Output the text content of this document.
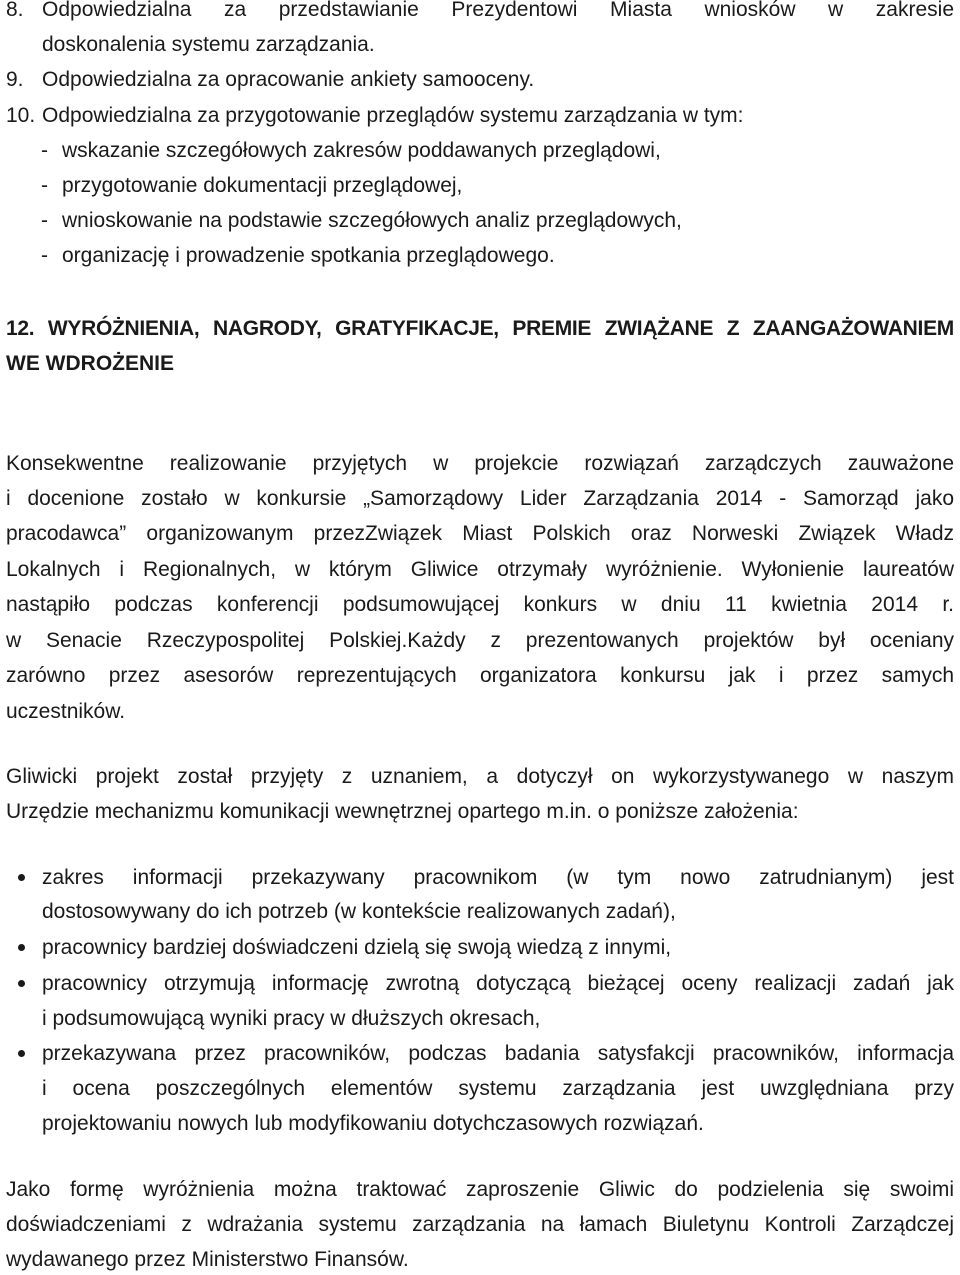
8. Odpowiedzialna za przedstawianie Prezydentowi Miasta wniosków w zakresie
doskonalenia systemu zarządzania.
9. Odpowiedzialna za opracowanie ankiety samooceny.
10. Odpowiedzialna za przygotowanie przeglądów systemu zarządzania w tym:
- wskazanie szczegółowych zakresów poddawanych przeglądowi,
- przygotowanie dokumentacji przeglądowej,
- wnioskowanie na podstawie szczegółowych analiz przeglądowych,
- organizację i prowadzenie spotkania przeglądowego.
12. WYRÓŻNIENIA, NAGRODY, GRATYFIKACJE, PREMIE ZWIĄŻANE Z ZAANGAŻOWANIEM
WE WDROŻENIE
Konsekwentne realizowanie przyjętych w projekcie rozwiązań zarządczych zauważone
i docenione zostało w konkursie „Samorządowy Lider Zarządzania 2014 - Samorząd jako
pracodawca” organizowanym przezZwiązek Miast Polskich oraz Norweski Związek Władz
Lokalnych i Regionalnych, w którym Gliwice otrzymały wyróżnienie. Wyłonienie laureatów
nastąpiło podczas konferencji podsumowującej konkurs w dniu 11 kwietnia 2014 r.
w Senacie Rzeczypospolitej Polskiej.Każdy z prezentowanych projektów był oceniany
zarówno przez asesorów reprezentujących organizatora konkursu jak i przez samych
uczestników.
Gliwicki projekt został przyjęty z uznaniem, a dotyczył on wykorzystywanego w naszym
Urzędzie mechanizmu komunikacji wewnętrznej opartego m.in. o poniższe założenia:
zakres informacji przekazywany pracownikom (w tym nowo zatrudnianym) jest
dostosowywany do ich potrzeb (w kontekście realizowanych zadań),
pracownicy bardziej doświadczeni dzielą się swoją wiedzą z innymi,
pracownicy otrzymują informację zwrotną dotyczącą bieżącej oceny realizacji zadań jak
i podsumowującą wyniki pracy w dłuższych okresach,
przekazywana przez pracowników, podczas badania satysfakcji pracowników, informacja
i ocena poszczególnych elementów systemu zarządzania jest uwzględniana przy
projektowaniu nowych lub modyfikowaniu dotychczasowych rozwiązań.
Jako formę wyróżnienia można traktować zaproszenie Gliwic do podzielenia się swoimi
doświadczeniami z wdrażania systemu zarządzania na łamach Biuletynu Kontroli Zarządczej
wydawanego przez Ministerstwo Finansów.
